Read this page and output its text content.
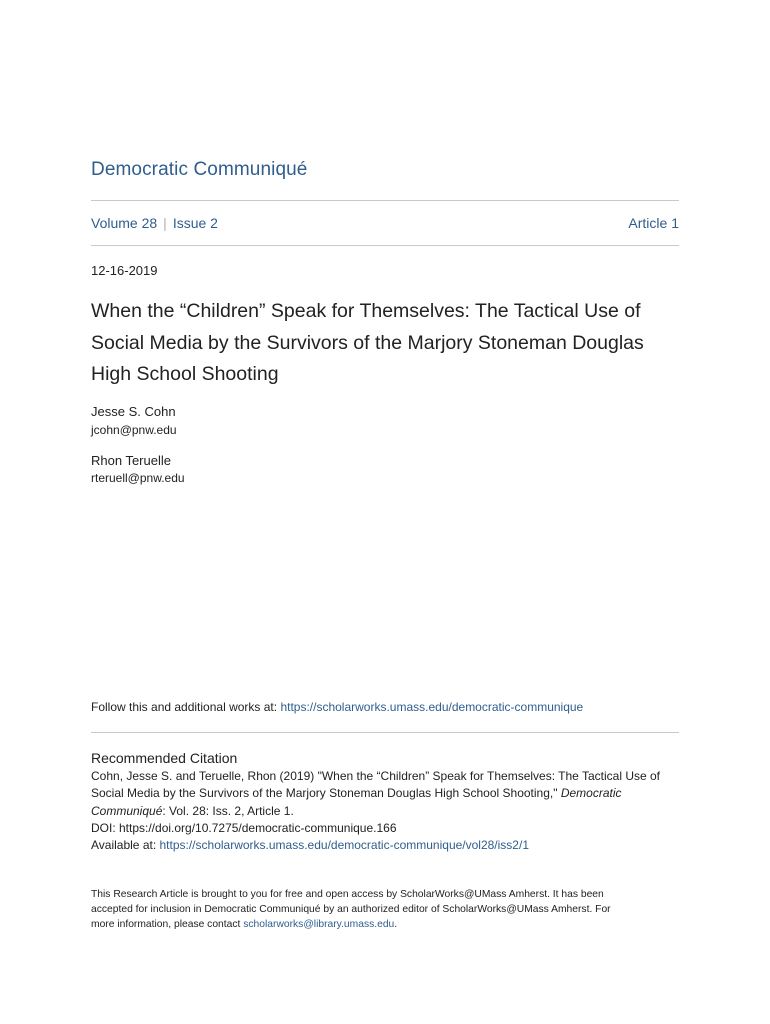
Democratic Communiqué
Volume 28 | Issue 2	Article 1
12-16-2019
When the “Children” Speak for Themselves: The Tactical Use of
Social Media by the Survivors of the Marjory Stoneman Douglas
High School Shooting
Jesse S. Cohn
jcohn@pnw.edu
Rhon Teruelle
rteruell@pnw.edu
Follow this and additional works at: https://scholarworks.umass.edu/democratic-communique
Recommended Citation
Cohn, Jesse S. and Teruelle, Rhon (2019) "When the “Children” Speak for Themselves: The Tactical Use of
Social Media by the Survivors of the Marjory Stoneman Douglas High School Shooting," Democratic
Communiqué: Vol. 28: Iss. 2, Article 1.
DOI: https://doi.org/10.7275/democratic-communique.166
Available at: https://scholarworks.umass.edu/democratic-communique/vol28/iss2/1
This Research Article is brought to you for free and open access by ScholarWorks@UMass Amherst. It has been
accepted for inclusion in Democratic Communiqué by an authorized editor of ScholarWorks@UMass Amherst. For
more information, please contact scholarworks@library.umass.edu.
